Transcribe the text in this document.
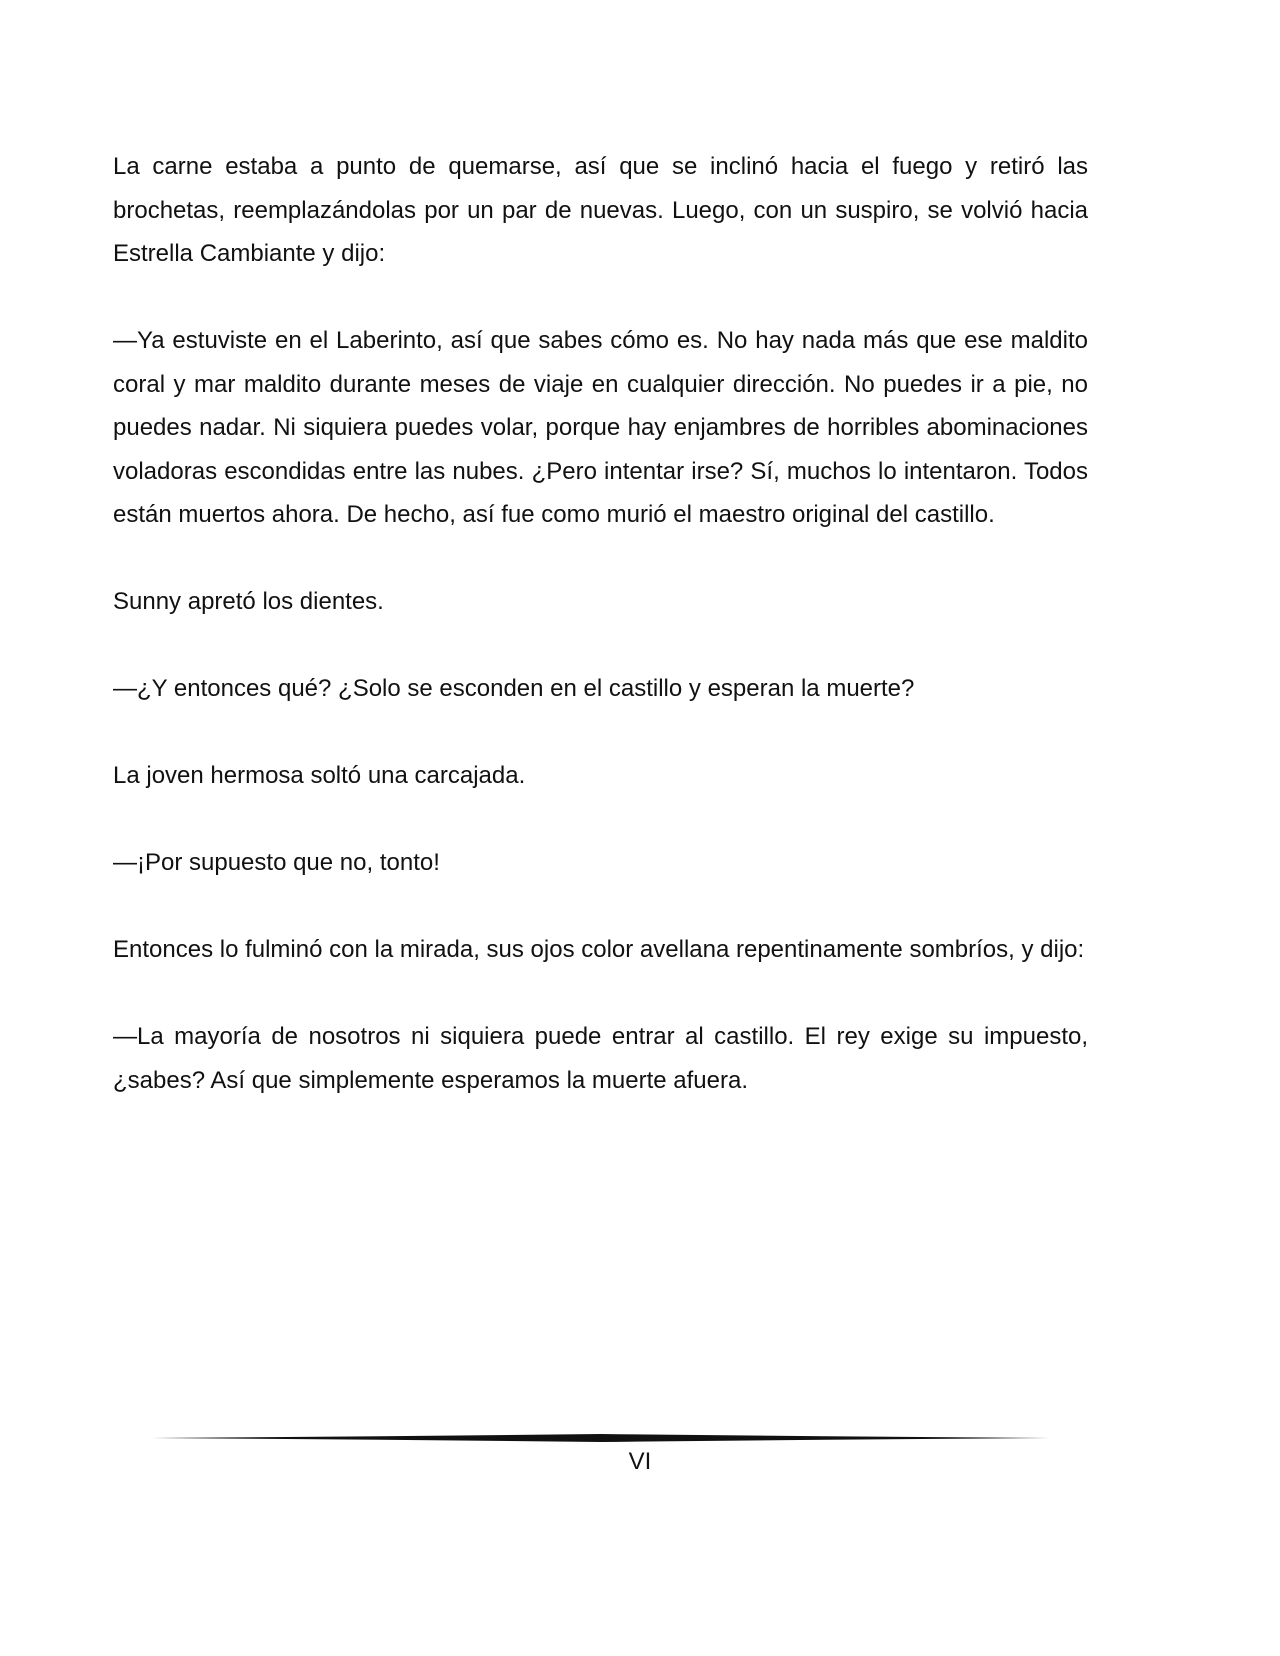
La carne estaba a punto de quemarse, así que se inclinó hacia el fuego y retiró las brochetas, reemplazándolas por un par de nuevas. Luego, con un suspiro, se volvió hacia Estrella Cambiante y dijo:

—Ya estuviste en el Laberinto, así que sabes cómo es. No hay nada más que ese maldito coral y mar maldito durante meses de viaje en cualquier dirección. No puedes ir a pie, no puedes nadar. Ni siquiera puedes volar, porque hay enjambres de horribles abominaciones voladoras escondidas entre las nubes. ¿Pero intentar irse? Sí, muchos lo intentaron. Todos están muertos ahora. De hecho, así fue como murió el maestro original del castillo.

Sunny apretó los dientes.

—¿Y entonces qué? ¿Solo se esconden en el castillo y esperan la muerte?

La joven hermosa soltó una carcajada.

—¡Por supuesto que no, tonto!

Entonces lo fulminó con la mirada, sus ojos color avellana repentinamente sombríos, y dijo:

—La mayoría de nosotros ni siquiera puede entrar al castillo. El rey exige su impuesto, ¿sabes? Así que simplemente esperamos la muerte afuera.

VI
